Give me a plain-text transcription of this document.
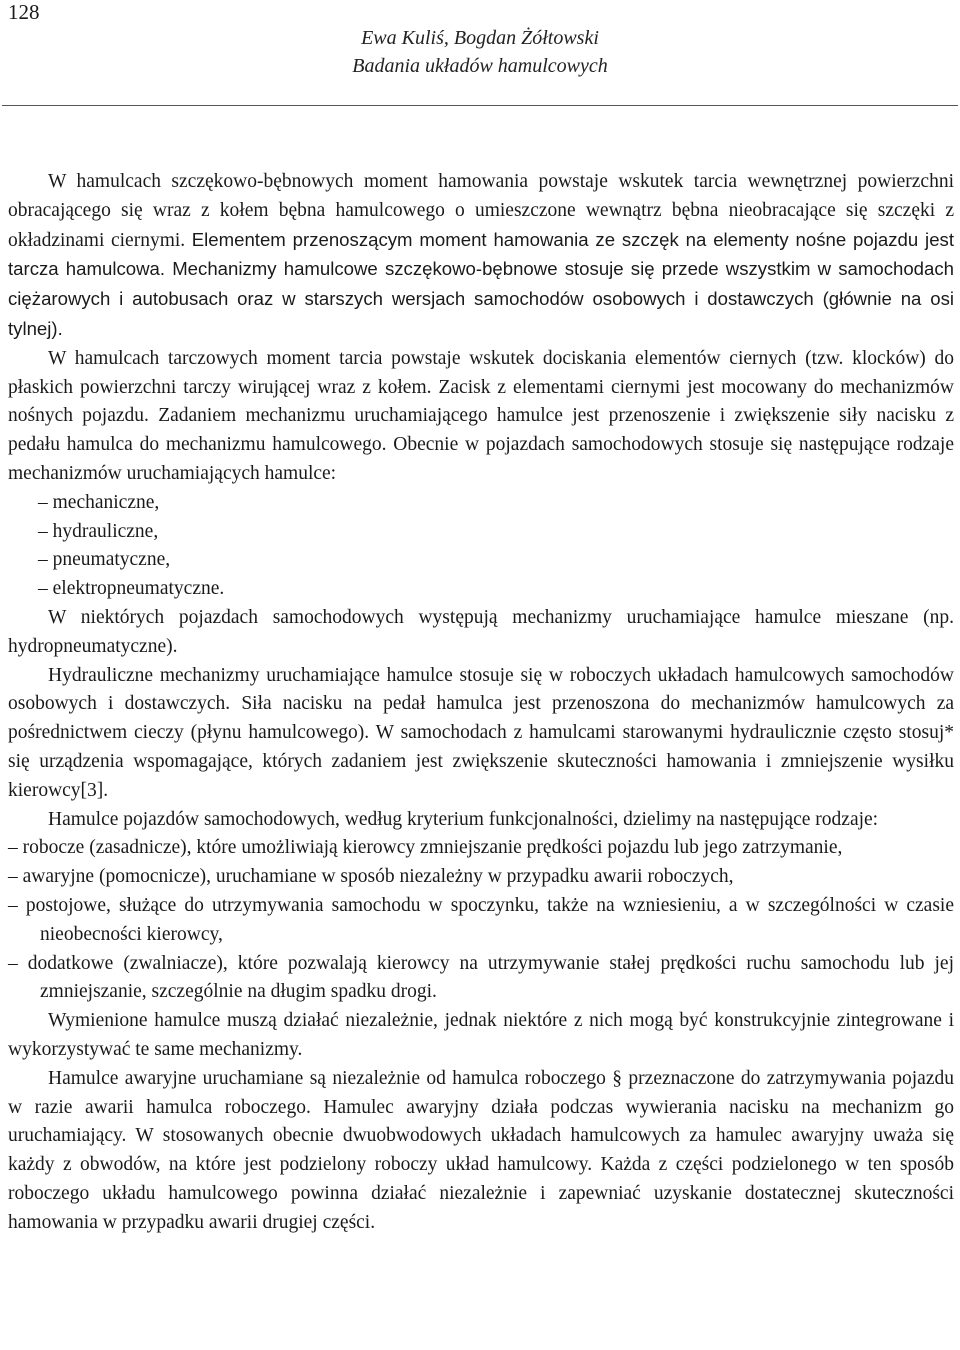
128
Ewa Kuliś, Bogdan Żółtowski
Badania układów hamulcowych

W hamulcach szczękowo-bębnowych moment hamowania powstaje wskutek tarcia wewnętrznej powierzchni obracającego się wraz z kołem bębna hamulcowego o umieszczone wewnątrz bębna nieobracające się szczęki z okładzinami ciernymi. Elementem przenoszącym moment hamowania ze szczęk na elementy nośne pojazdu jest tarcza hamulcowa. Mechanizmy hamulcowe szczękowo-bębnowe stosuje się przede wszystkim w samochodach ciężarowych i autobusach oraz w starszych wersjach samochodów osobowych i dostawczych (głównie na osi tylnej).

W hamulcach tarczowych moment tarcia powstaje wskutek dociskania elementów ciernych (tzw. klocków) do płaskich powierzchni tarczy wirującej wraz z kołem. Zacisk z elementami ciernymi jest mocowany do mechanizmów nośnych pojazdu. Zadaniem mechanizmu uruchamiającego hamulce jest przenoszenie i zwiększenie siły nacisku z pedału hamulca do mechanizmu hamulcowego. Obecnie w pojazdach samochodowych stosuje się następujące rodzaje mechanizmów uruchamiających hamulce:

– mechaniczne,

– hydrauliczne,

– pneumatyczne,

– elektropneumatyczne.

W niektórych pojazdach samochodowych występują mechanizmy uruchamiające hamulce mieszane (np. hydropneumatyczne).

Hydrauliczne mechanizmy uruchamiające hamulce stosuje się w roboczych układach hamulcowych samochodów osobowych i dostawczych. Siła nacisku na pedał hamulca jest przenoszona do mechanizmów hamulcowych za pośrednictwem cieczy (płynu hamulcowego). W samochodach z hamulcami starowanymi hydraulicznie często stosuj* się urządzenia wspomagające, których zadaniem jest zwiększenie skuteczności hamowania i zmniejszenie wysiłku kierowcy[3].

Hamulce pojazdów samochodowych, według kryterium funkcjonalności, dzielimy na następujące rodzaje:

– robocze (zasadnicze), które umożliwiają kierowcy zmniejszanie prędkości pojazdu lub jego zatrzymanie,

– awaryjne (pomocnicze), uruchamiane w sposób niezależny w przypadku awarii roboczych,

– postojowe, służące do utrzymywania samochodu w spoczynku, także na wzniesieniu, a w szczególności w czasie nieobecności kierowcy,

– dodatkowe (zwalniacze), które pozwalają kierowcy na utrzymywanie stałej prędkości ruchu samochodu lub jej zmniejszanie, szczególnie na długim spadku drogi.

Wymienione hamulce muszą działać niezależnie, jednak niektóre z nich mogą być konstrukcyjnie zintegrowane i wykorzystywać te same mechanizmy.

Hamulce awaryjne uruchamiane są niezależnie od hamulca roboczego § przeznaczone do zatrzymywania pojazdu w razie awarii hamulca roboczego. Hamulec awaryjny działa podczas wywierania nacisku na mechanizm go uruchamiający. W stosowanych obecnie dwuobwodowych układach hamulcowych za hamulec awaryjny uważa się każdy z obwodów, na które jest podzielony roboczy układ hamulcowy. Każda z części podzielonego w ten sposób roboczego układu hamulcowego powinna działać niezależnie i zapewniać uzyskanie dostatecznej skuteczności hamowania w przypadku awarii drugiej części.
